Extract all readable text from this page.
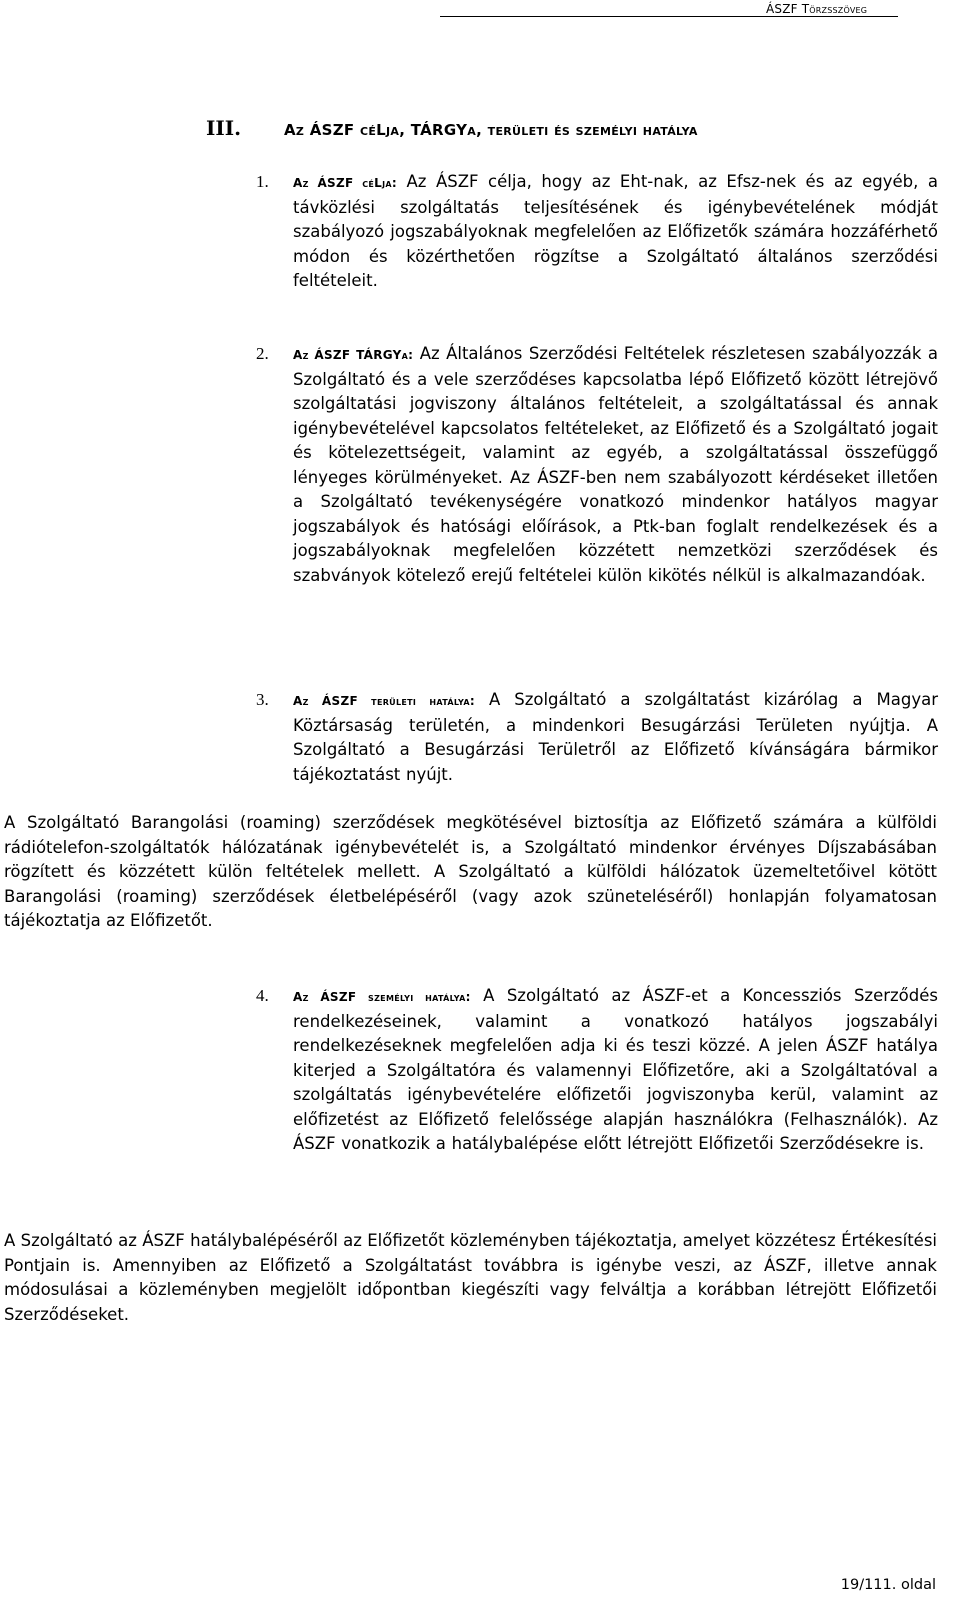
ÁSZF Törzsszöveg
III.	Az ÁSZF céLja, TÁRGYa, területi és személyi hatálya
1. Az ÁSZF céLja: Az ÁSZF célja, hogy az Eht-nak, az Efsz-nek és az egyéb, a távközlési szolgáltatás teljesítésének és igénybevételének módját szabályozó jogszabályoknak megfelelően az Előfizetők számára hozzáférhető módon és közérthetően rögzítse a Szolgáltató általános szerződési feltételeit.
2. Az ÁSZF TÁRGYa: Az Általános Szerződési Feltételek részletesen szabályozzák a Szolgáltató és a vele szerződéses kapcsolatba lépő Előfizető között létrejövő szolgáltatási jogviszony általános feltételeit, a szolgáltatással és annak igénybevételével kapcsolatos feltételeket, az Előfizető és a Szolgáltató jogait és kötelezettségeit, valamint az egyéb, a szolgáltatással összefüggő lényeges körülményeket. Az ÁSZF-ben nem szabályozott kérdéseket illetően a Szolgáltató tevékenységére vonatkozó mindenkor hatályos magyar jogszabályok és hatósági előírások, a Ptk-ban foglalt rendelkezések és a jogszabályoknak megfelelően közzétett nemzetközi szerződések és szabványok kötelező erejű feltételei külön kikötés nélkül is alkalmazandóak.
3. Az ÁSZF területi hatálya: A Szolgáltató a szolgáltatást kizárólag a Magyar Köztársaság területén, a mindenkori Besugárzási Területen nyújtja. A Szolgáltató a Besugárzási Területről az Előfizető kívánságára bármikor tájékoztatást nyújt.
A Szolgáltató Barangolási (roaming) szerződések megkötésével biztosítja az Előfizető számára a külföldi rádiótelefon-szolgáltatók hálózatának igénybevételét is, a Szolgáltató mindenkor érvényes Díjszabásában rögzített és közzétett külön feltételek mellett. A Szolgáltató a külföldi hálózatok üzemeltetőivel kötött Barangolási (roaming) szerződések életbelépéséről (vagy azok szüneteléséről) honlapján folyamatosan tájékoztatja az Előfizetőt.
4. Az ÁSZF személyi hatálya: A Szolgáltató az ÁSZF-et a Koncessziós Szerződés rendelkezéseinek, valamint a vonatkozó hatályos jogszabályi rendelkezéseknek megfelelően adja ki és teszi közzé. A jelen ÁSZF hatálya kiterjed a Szolgáltatóra és valamennyi Előfizetőre, aki a Szolgáltatóval a szolgáltatás igénybevételére előfizetői jogviszonyba kerül, valamint az előfizetést az Előfizető felelőssége alapján használókra (Felhasználók). Az ÁSZF vonatkozik a hatálybalépése előtt létrejött Előfizetői Szerződésekre is.
A Szolgáltató az ÁSZF hatálybalépéséről az Előfizetőt közleményben tájékoztatja, amelyet közzétesz Értékesítési Pontjain is. Amennyiben az Előfizető a Szolgáltatást továbbra is igénybe veszi, az ÁSZF, illetve annak módosulásai a közleményben megjelölt időpontban kiegészíti vagy felváltja a korábban létrejött Előfizetői Szerződéseket.
19/111. oldal
